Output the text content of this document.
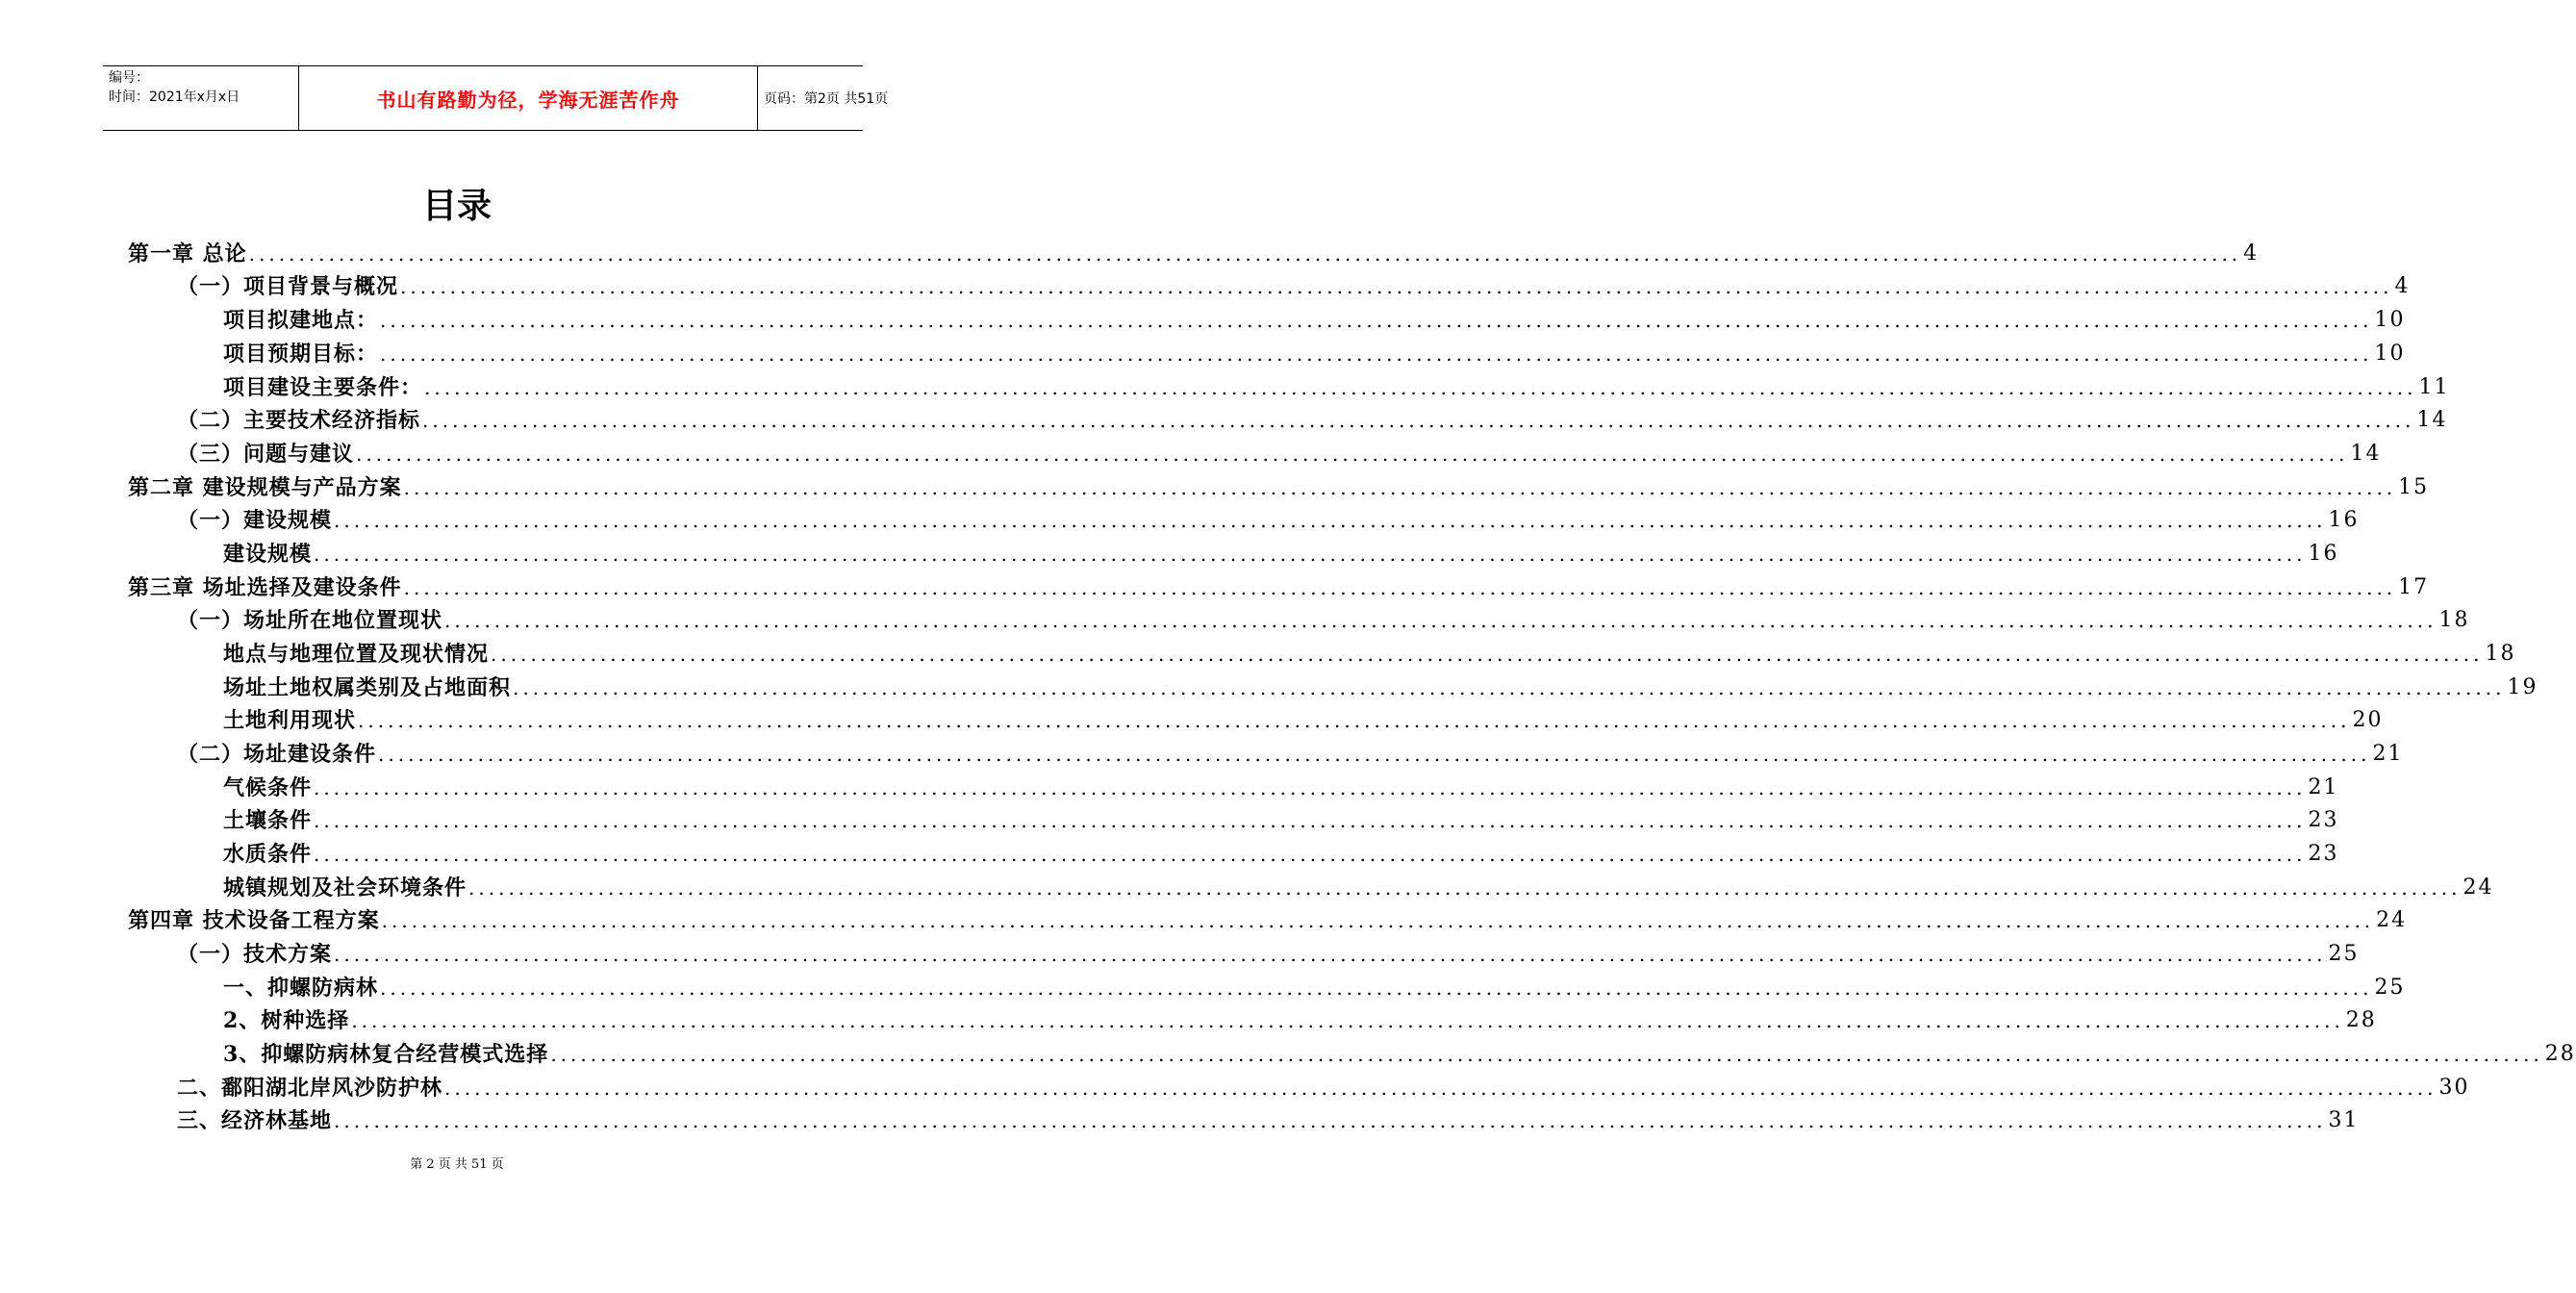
编号：
时间：2021年x月x日	书山有路勤为径，学海无涯苦作舟	页码：第2页 共51页
目录
第一章 总论 ........................................................................................................................................................................................................ 4
（一）项目背景与概况 ........................................................................................................................................................................................................ 4
项目拟建地点： ........................................................................................................................................................................................................ 10
项目预期目标： ........................................................................................................................................................................................................ 10
项目建设主要条件： ........................................................................................................................................................................................................ 11
（二）主要技术经济指标 ........................................................................................................................................................................................................ 14
（三）问题与建议 ........................................................................................................................................................................................................ 14
第二章 建设规模与产品方案 ........................................................................................................................................................................................................ 15
（一）建设规模 ........................................................................................................................................................................................................ 16
建设规模 ........................................................................................................................................................................................................ 16
第三章 场址选择及建设条件 ........................................................................................................................................................................................................ 17
（一）场址所在地位置现状 ........................................................................................................................................................................................................ 18
地点与地理位置及现状情况 ........................................................................................................................................................................................................ 18
场址土地权属类别及占地面积 ........................................................................................................................................................................................................ 19
土地利用现状 ........................................................................................................................................................................................................ 20
（二）场址建设条件 ........................................................................................................................................................................................................ 21
气候条件 ........................................................................................................................................................................................................ 21
土壤条件 ........................................................................................................................................................................................................ 23
水质条件 ........................................................................................................................................................................................................ 23
城镇规划及社会环境条件 ........................................................................................................................................................................................................ 24
第四章 技术设备工程方案 ........................................................................................................................................................................................................ 24
（一）技术方案 ........................................................................................................................................................................................................ 25
一、抑螺防病林 ........................................................................................................................................................................................................ 25
2、树种选择 ........................................................................................................................................................................................................ 28
3、抑螺防病林复合经营模式选择 ........................................................................................................................................................................................................ 28
二、鄱阳湖北岸风沙防护林 ........................................................................................................................................................................................................ 30
三、经济林基地 ........................................................................................................................................................................................................ 31
第 2 页 共 51 页
